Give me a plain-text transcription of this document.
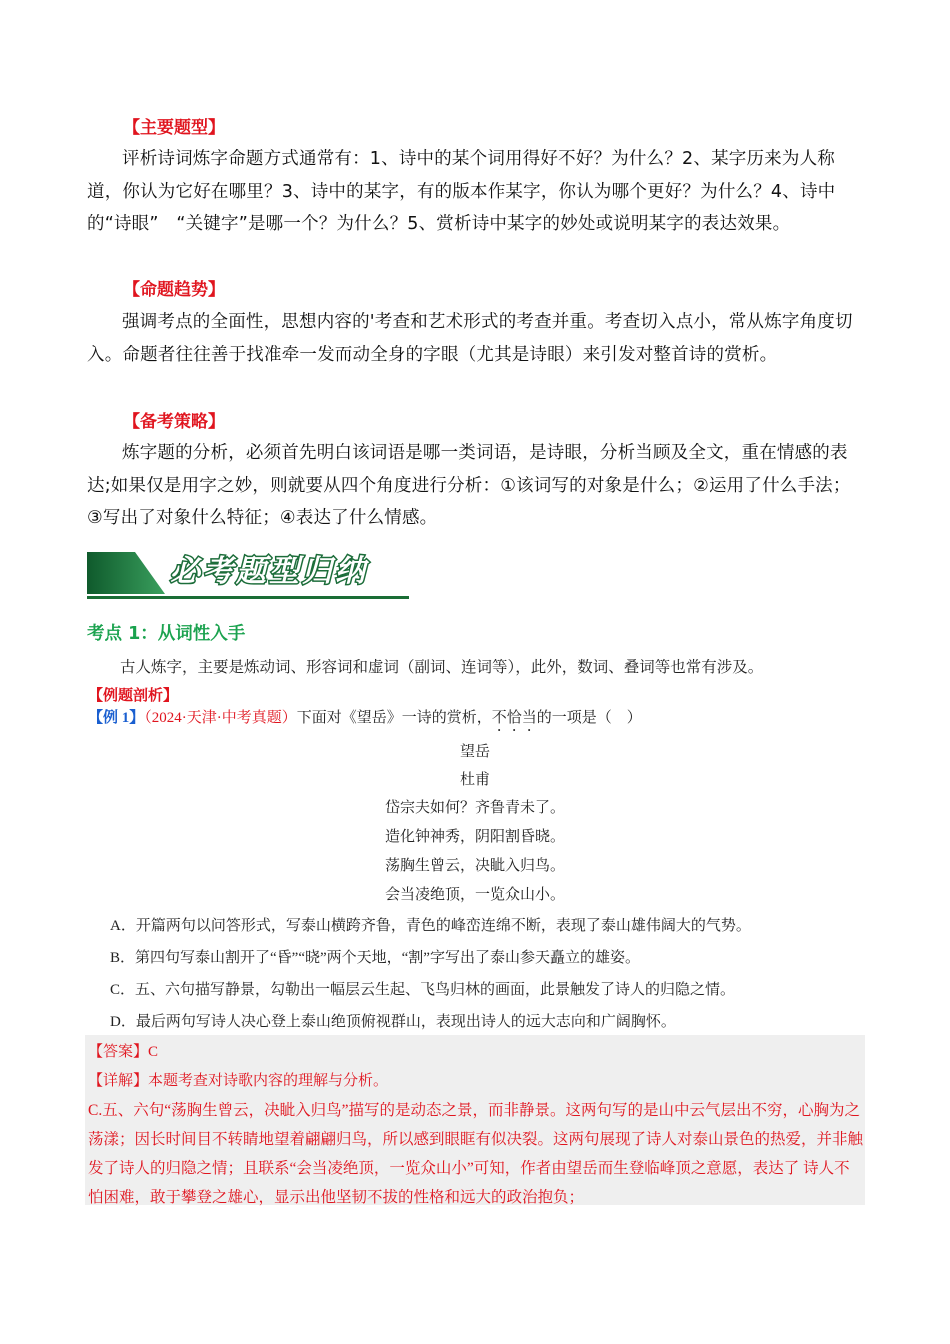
【主要题型】

评析诗词炼字命题方式通常有：1、诗中的某个词用得好不好？为什么？2、某字历来为人称道，你认为它好在哪里？3、诗中的某字，有的版本作某字，你认为哪个更好？为什么？4、诗中的“诗眼”　“关键字”是哪一个？为什么？5、赏析诗中某字的妙处或说明某字的表达效果。

【命题趋势】

强调考点的全面性，思想内容的'考查和艺术形式的考查并重。考查切入点小，常从炼字角度切入。命题者往往善于找准牵一发而动全身的字眼（尤其是诗眼）来引发对整首诗的赏析。

【备考策略】

炼字题的分析，必须首先明白该词语是哪一类词语，是诗眼，分析当顾及全文，重在情感的表达;如果仅是用字之妙，则就要从四个角度进行分析：①该词写的对象是什么；②运用了什么手法；③写出了对象什么特征；④表达了什么情感。

必考题型归纳
考点 1：从词性入手
古人炼字，主要是炼动词、形容词和虚词（副词、连词等），此外，数词、叠词等也常有涉及。
【例题剖析】
【例 1】（2024·天津·中考真题）下面对《望岳》一诗的赏析，不恰当的一项是（　）
望岳
杜甫
岱宗夫如何？齐鲁青未了。
造化钟神秀，阴阳割昏晓。
荡胸生曾云，决眦入归鸟。
会当凌绝顶，一览众山小。
A．开篇两句以问答形式，写泰山横跨齐鲁，青色的峰峦连绵不断，表现了泰山雄伟阔大的气势。
B．第四句写泰山割开了“昏”“晓”两个天地，“割”字写出了泰山参天矗立的雄姿。
C．五、六句描写静景，勾勒出一幅层云生起、飞鸟归林的画面，此景触发了诗人的归隐之情。
D．最后两句写诗人决心登上泰山绝顶俯视群山，表现出诗人的远大志向和广阔胸怀。
【答案】C
【详解】本题考查对诗歌内容的理解与分析。

C.五、六句“荡胸生曾云，决眦入归鸟”描写的是动态之景，而非静景。这两句写的是山中云气层出不穷，心胸为之荡漾；因长时间目不转睛地望着翩翩归鸟，所以感到眼眶有似决裂。这两句展现了诗人对泰山景色的热爱，并非触发了诗人的归隐之情；且联系“会当凌绝顶，一览众山小”可知，作者由望岳而生登临峰顶之意愿，表达了 诗人不怕困难，敢于攀登之雄心，显示出他坚韧不拔的性格和远大的政治抱负；
